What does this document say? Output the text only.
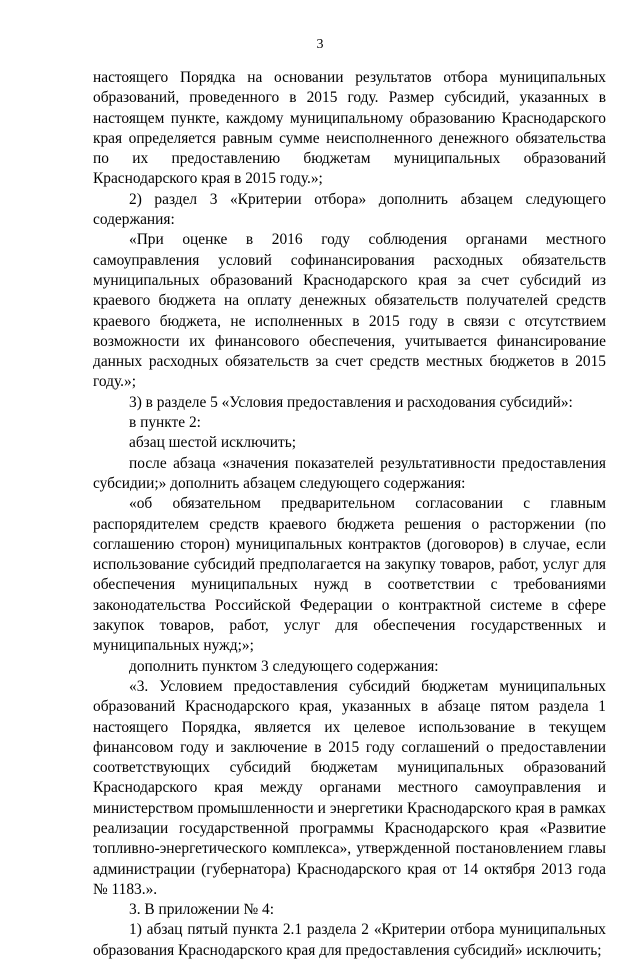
3

настоящего Порядка на основании результатов отбора муниципальных образований, проведенного в 2015 году. Размер субсидий, указанных в настоящем пункте, каждому муниципальному образованию Краснодарского края определяется равным сумме неисполненного денежного обязательства по их предоставлению бюджетам муниципальных образований Краснодарского края в 2015 году.»;

2) раздел 3 «Критерии отбора» дополнить абзацем следующего содержания:

«При оценке в 2016 году соблюдения органами местного самоуправления условий софинансирования расходных обязательств муниципальных образований Краснодарского края за счет субсидий из краевого бюджета на оплату денежных обязательств получателей средств краевого бюджета, не исполненных в 2015 году в связи с отсутствием возможности их финансового обеспечения, учитывается финансирование данных расходных обязательств за счет средств местных бюджетов в 2015 году.»;

3) в разделе 5 «Условия предоставления и расходования субсидий»:

в пункте 2:

абзац шестой исключить;

после абзаца «значения показателей результативности предоставления субсидии;» дополнить абзацем следующего содержания:

«об обязательном предварительном согласовании с главным распорядителем средств краевого бюджета решения о расторжении (по соглашению сторон) муниципальных контрактов (договоров) в случае, если использование субсидий предполагается на закупку товаров, работ, услуг для обеспечения муниципальных нужд в соответствии с требованиями законодательства Российской Федерации о контрактной системе в сфере закупок товаров, работ, услуг для обеспечения государственных и муниципальных нужд;»;

дополнить пунктом 3 следующего содержания:

«3. Условием предоставления субсидий бюджетам муниципальных образований Краснодарского края, указанных в абзаце пятом раздела 1 настоящего Порядка, является их целевое использование в текущем финансовом году и заключение в 2015 году соглашений о предоставлении соответствующих субсидий бюджетам муниципальных образований Краснодарского края между органами местного самоуправления и министерством промышленности и энергетики Краснодарского края в рамках реализации государственной программы Краснодарского края «Развитие топливно-энергетического комплекса», утвержденной постановлением главы администрации (губернатора) Краснодарского края от 14 октября 2013 года № 1183.».

3. В приложении № 4:

1) абзац пятый пункта 2.1 раздела 2 «Критерии отбора муниципальных образования Краснодарского края для предоставления субсидий» исключить;
